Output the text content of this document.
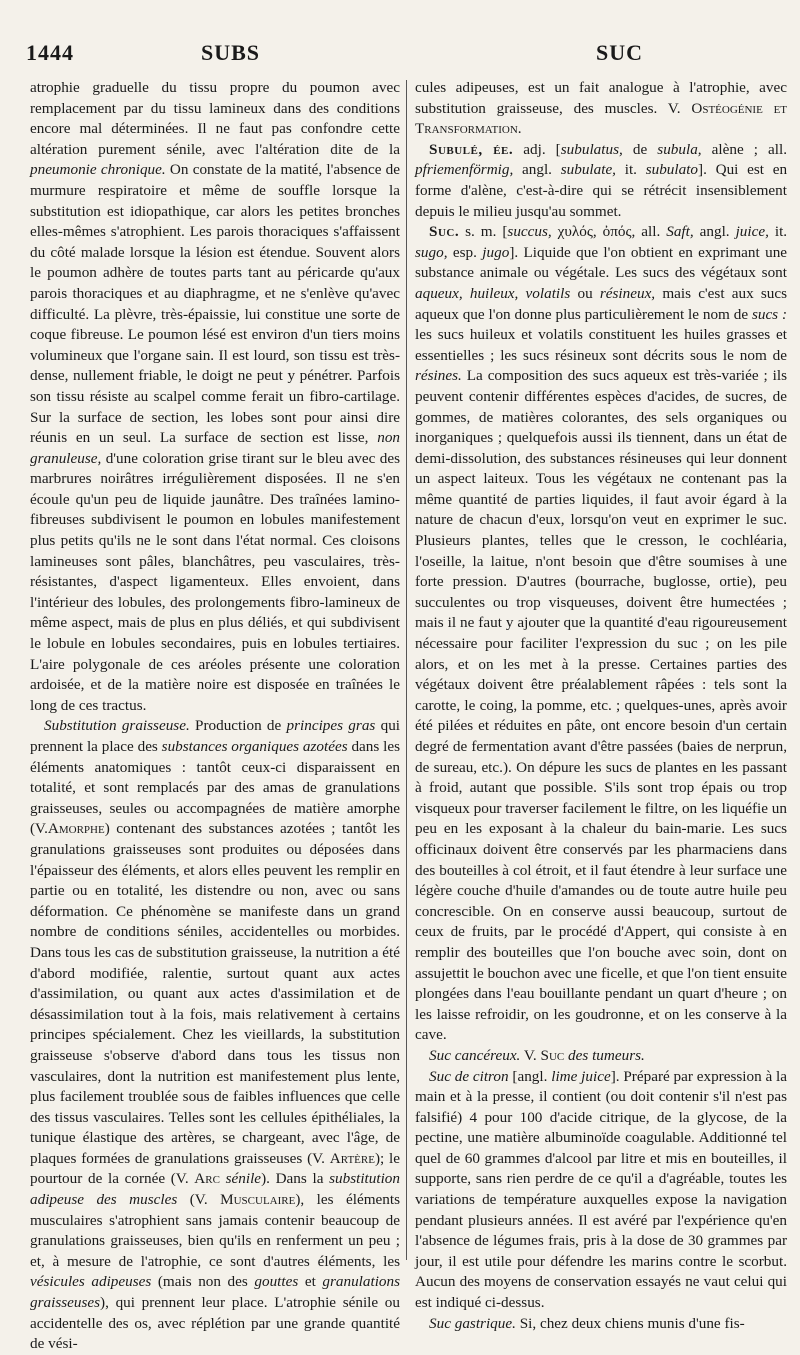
1444	SUBS	SUC

atrophie graduelle du tissu propre du poumon avec remplacement par du tissu lamineux dans des conditions encore mal déterminées. Il ne faut pas confondre cette altération purement sénile, avec l'altération dite de la pneumonie chronique. On constate de la matité, l'absence de murmure respiratoire et même de souffle lorsque la substitution est idiopathique, car alors les petites bronches elles-mêmes s'atrophient. Les parois thoraciques s'affaissent du côté malade lorsque la lésion est étendue. Souvent alors le poumon adhère de toutes parts tant au péricarde qu'aux parois thoraciques et au diaphragme, et ne s'enlève qu'avec difficulté. La plèvre, très-épaissie, lui constitue une sorte de coque fibreuse. Le poumon lésé est environ d'un tiers moins volumineux que l'organe sain. Il est lourd, son tissu est très-dense, nullement friable, le doigt ne peut y pénétrer. Parfois son tissu résiste au scalpel comme ferait un fibro-cartilage. Sur la surface de section, les lobes sont pour ainsi dire réunis en un seul. La surface de section est lisse, non granuleuse, d'une coloration grise tirant sur le bleu avec des marbrures noirâtres irrégulièrement disposées. Il ne s'en écoule qu'un peu de liquide jaunâtre. Des traînées lamino-fibreuses subdivisent le poumon en lobules manifestement plus petits qu'ils ne le sont dans l'état normal. Ces cloisons lamineuses sont pâles, blanchâtres, peu vasculaires, très-résistantes, d'aspect ligamenteux. Elles envoient, dans l'intérieur des lobules, des prolongements fibro-lamineux de même aspect, mais de plus en plus déliés, et qui subdivisent le lobule en lobules secondaires, puis en lobules tertiaires. L'aire polygonale de ces aréoles présente une coloration ardoisée, et de la matière noire est disposée en traînées le long de ces tractus.

Substitution graisseuse. Production de principes gras qui prennent la place des substances organiques azotées dans les éléments anatomiques : tantôt ceux-ci disparaissent en totalité, et sont remplacés par des amas de granulations graisseuses, seules ou accompagnées de matière amorphe (V.Amorphe) contenant des substances azotées ; tantôt les granulations graisseuses sont produites ou déposées dans l'épaisseur des éléments, et alors elles peuvent les remplir en partie ou en totalité, les distendre ou non, avec ou sans déformation. Ce phénomène se manifeste dans un grand nombre de conditions séniles, accidentelles ou morbides. Dans tous les cas de substitution graisseuse, la nutrition a été d'abord modifiée, ralentie, surtout quant aux actes d'assimilation, ou quant aux actes d'assimilation et de désassimilation tout à la fois, mais relativement à certains principes spécialement. Chez les vieillards, la substitution graisseuse s'observe d'abord dans tous les tissus non vasculaires, dont la nutrition est manifestement plus lente, plus facilement troublée sous de faibles influences que celle des tissus vasculaires. Telles sont les cellules épithéliales, la tunique élastique des artères, se chargeant, avec l'âge, de plaques formées de granulations graisseuses (V. Artère); le pourtour de la cornée (V. Arc sénile). Dans la substitution adipeuse des muscles (V. Musculaire), les éléments musculaires s'atrophient sans jamais contenir beaucoup de granulations graisseuses, bien qu'ils en renferment un peu ; et, à mesure de l'atrophie, ce sont d'autres éléments, les vésicules adipeuses (mais non des gouttes et granulations graisseuses), qui prennent leur place. L'atrophie sénile ou accidentelle des os, avec réplétion par une grande quantité de vési-

cules adipeuses, est un fait analogue à l'atrophie, avec substitution graisseuse, des muscles. V. Ostéogénie et Transformation.

Subulé, ée. adj. [subulatus, de subula, alène ; all. pfriemenförmig, angl. subulate, it. subulato]. Qui est en forme d'alène, c'est-à-dire qui se rétrécit insensiblement depuis le milieu jusqu'au sommet.

Suc. s. m. [succus, χυλός, ὀπός, all. Saft, angl. juice, it. sugo, esp. jugo]. Liquide que l'on obtient en exprimant une substance animale ou végétale. Les sucs des végétaux sont aqueux, huileux, volatils ou résineux, mais c'est aux sucs aqueux que l'on donne plus particulièrement le nom de sucs : les sucs huileux et volatils constituent les huiles grasses et essentielles ; les sucs résineux sont décrits sous le nom de résines. La composition des sucs aqueux est très-variée ; ils peuvent contenir différentes espèces d'acides, de sucres, de gommes, de matières colorantes, des sels organiques ou inorganiques ; quelquefois aussi ils tiennent, dans un état de demi-dissolution, des substances résineuses qui leur donnent un aspect laiteux. Tous les végétaux ne contenant pas la même quantité de parties liquides, il faut avoir égard à la nature de chacun d'eux, lorsqu'on veut en exprimer le suc. Plusieurs plantes, telles que le cresson, le cochléaria, l'oseille, la laitue, n'ont besoin que d'être soumises à une forte pression. D'autres (bourrache, buglosse, ortie), peu succulentes ou trop visqueuses, doivent être humectées ; mais il ne faut y ajouter que la quantité d'eau rigoureusement nécessaire pour faciliter l'expression du suc ; on les pile alors, et on les met à la presse. Certaines parties des végétaux doivent être préalablement râpées : tels sont la carotte, le coing, la pomme, etc. ; quelques-unes, après avoir été pilées et réduites en pâte, ont encore besoin d'un certain degré de fermentation avant d'être passées (baies de nerprun, de sureau, etc.). On dépure les sucs de plantes en les passant à froid, autant que possible. S'ils sont trop épais ou trop visqueux pour traverser facilement le filtre, on les liquéfie un peu en les exposant à la chaleur du bain-marie. Les sucs officinaux doivent être conservés par les pharmaciens dans des bouteilles à col étroit, et il faut étendre à leur surface une légère couche d'huile d'amandes ou de toute autre huile peu concrescible. On en conserve aussi beaucoup, surtout de ceux de fruits, par le procédé d'Appert, qui consiste à en remplir des bouteilles que l'on bouche avec soin, dont on assujettit le bouchon avec une ficelle, et que l'on tient ensuite plongées dans l'eau bouillante pendant un quart d'heure ; on les laisse refroidir, on les goudronne, et on les conserve à la cave.

Suc cancéreux. V. Suc des tumeurs.

Suc de citron [angl. lime juice]. Préparé par expression à la main et à la presse, il contient (ou doit contenir s'il n'est pas falsifié) 4 pour 100 d'acide citrique, de la glycose, de la pectine, une matière albuminoïde coagulable. Additionné tel quel de 60 grammes d'alcool par litre et mis en bouteilles, il supporte, sans rien perdre de ce qu'il a d'agréable, toutes les variations de température auxquelles expose la navigation pendant plusieurs années. Il est avéré par l'expérience qu'en l'absence de légumes frais, pris à la dose de 30 grammes par jour, il est utile pour défendre les marins contre le scorbut. Aucun des moyens de conservation essayés ne vaut celui qui est indiqué ci-dessus.

Suc gastrique. Si, chez deux chiens munis d'une fis-
